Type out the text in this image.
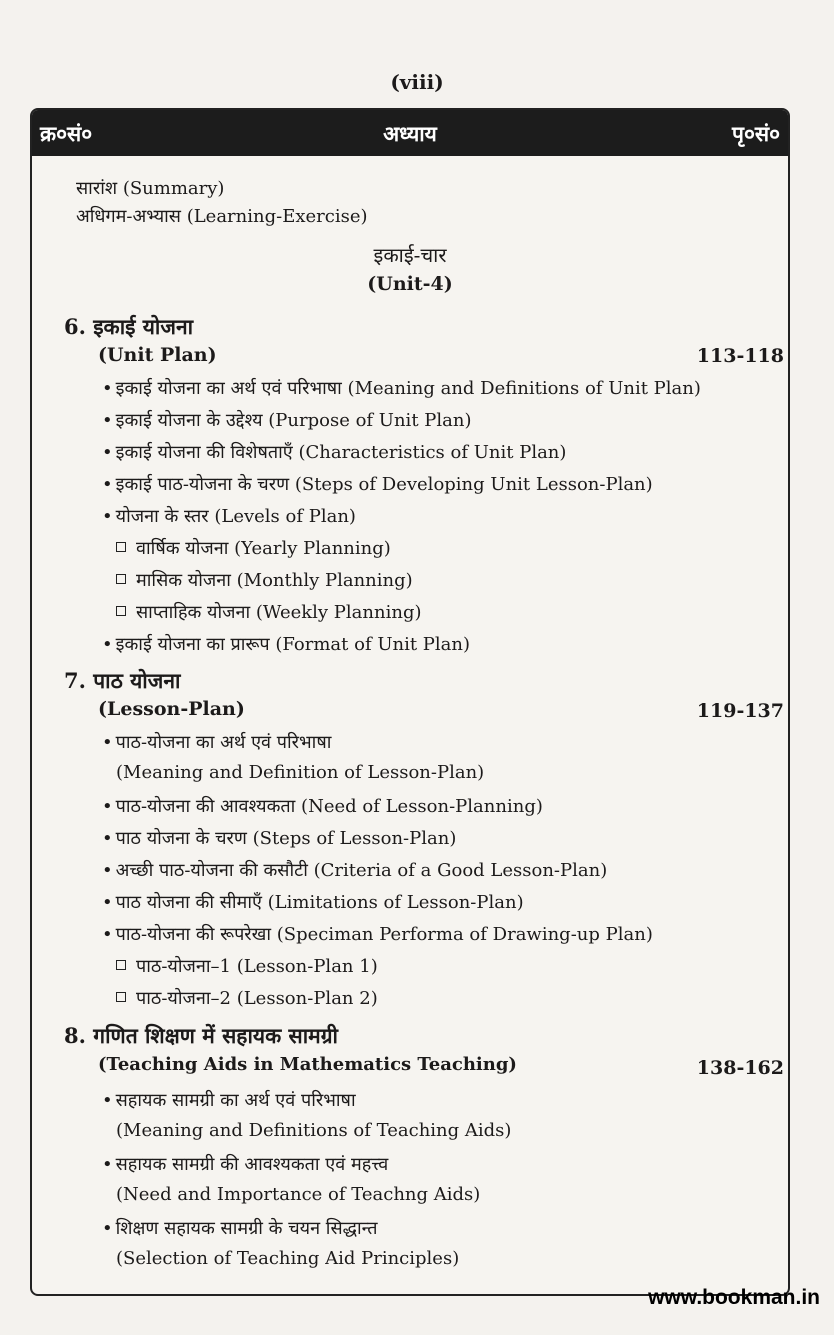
(viii)
क्र०सं०	अध्याय	पृ०सं०
सारांश (Summary)
अधिगम-अभ्यास (Learning-Exercise)
इकाई-चार
(Unit-4)
6. इकाई योजना
(Unit Plan)	113-118
• इकाई योजना का अर्थ एवं परिभाषा (Meaning and Definitions of Unit Plan)
• इकाई योजना के उद्देश्य (Purpose of Unit Plan)
• इकाई योजना की विशेषताएँ (Characteristics of Unit Plan)
• इकाई पाठ-योजना के चरण (Steps of Developing Unit Lesson-Plan)
• योजना के स्तर (Levels of Plan)
वार्षिक योजना (Yearly Planning)
मासिक योजना (Monthly Planning)
साप्ताहिक योजना (Weekly Planning)
• इकाई योजना का प्रारूप (Format of Unit Plan)
7. पाठ योजना
(Lesson-Plan)	119-137
• पाठ-योजना का अर्थ एवं परिभाषा
(Meaning and Definition of Lesson-Plan)
• पाठ-योजना की आवश्यकता (Need of Lesson-Planning)
• पाठ योजना के चरण (Steps of Lesson-Plan)
• अच्छी पाठ-योजना की कसौटी (Criteria of a Good Lesson-Plan)
• पाठ योजना की सीमाएँ (Limitations of Lesson-Plan)
• पाठ-योजना की रूपरेखा (Speciman Performa of Drawing-up Plan)
पाठ-योजना–1 (Lesson-Plan 1)
पाठ-योजना–2 (Lesson-Plan 2)
8. गणित शिक्षण में सहायक सामग्री
(Teaching Aids in Mathematics Teaching)	138-162
• सहायक सामग्री का अर्थ एवं परिभाषा
(Meaning and Definitions of Teaching Aids)
• सहायक सामग्री की आवश्यकता एवं महत्त्व
(Need and Importance of Teachng Aids)
• शिक्षण सहायक सामग्री के चयन सिद्धान्त
(Selection of Teaching Aid Principles)
www.bookman.in
